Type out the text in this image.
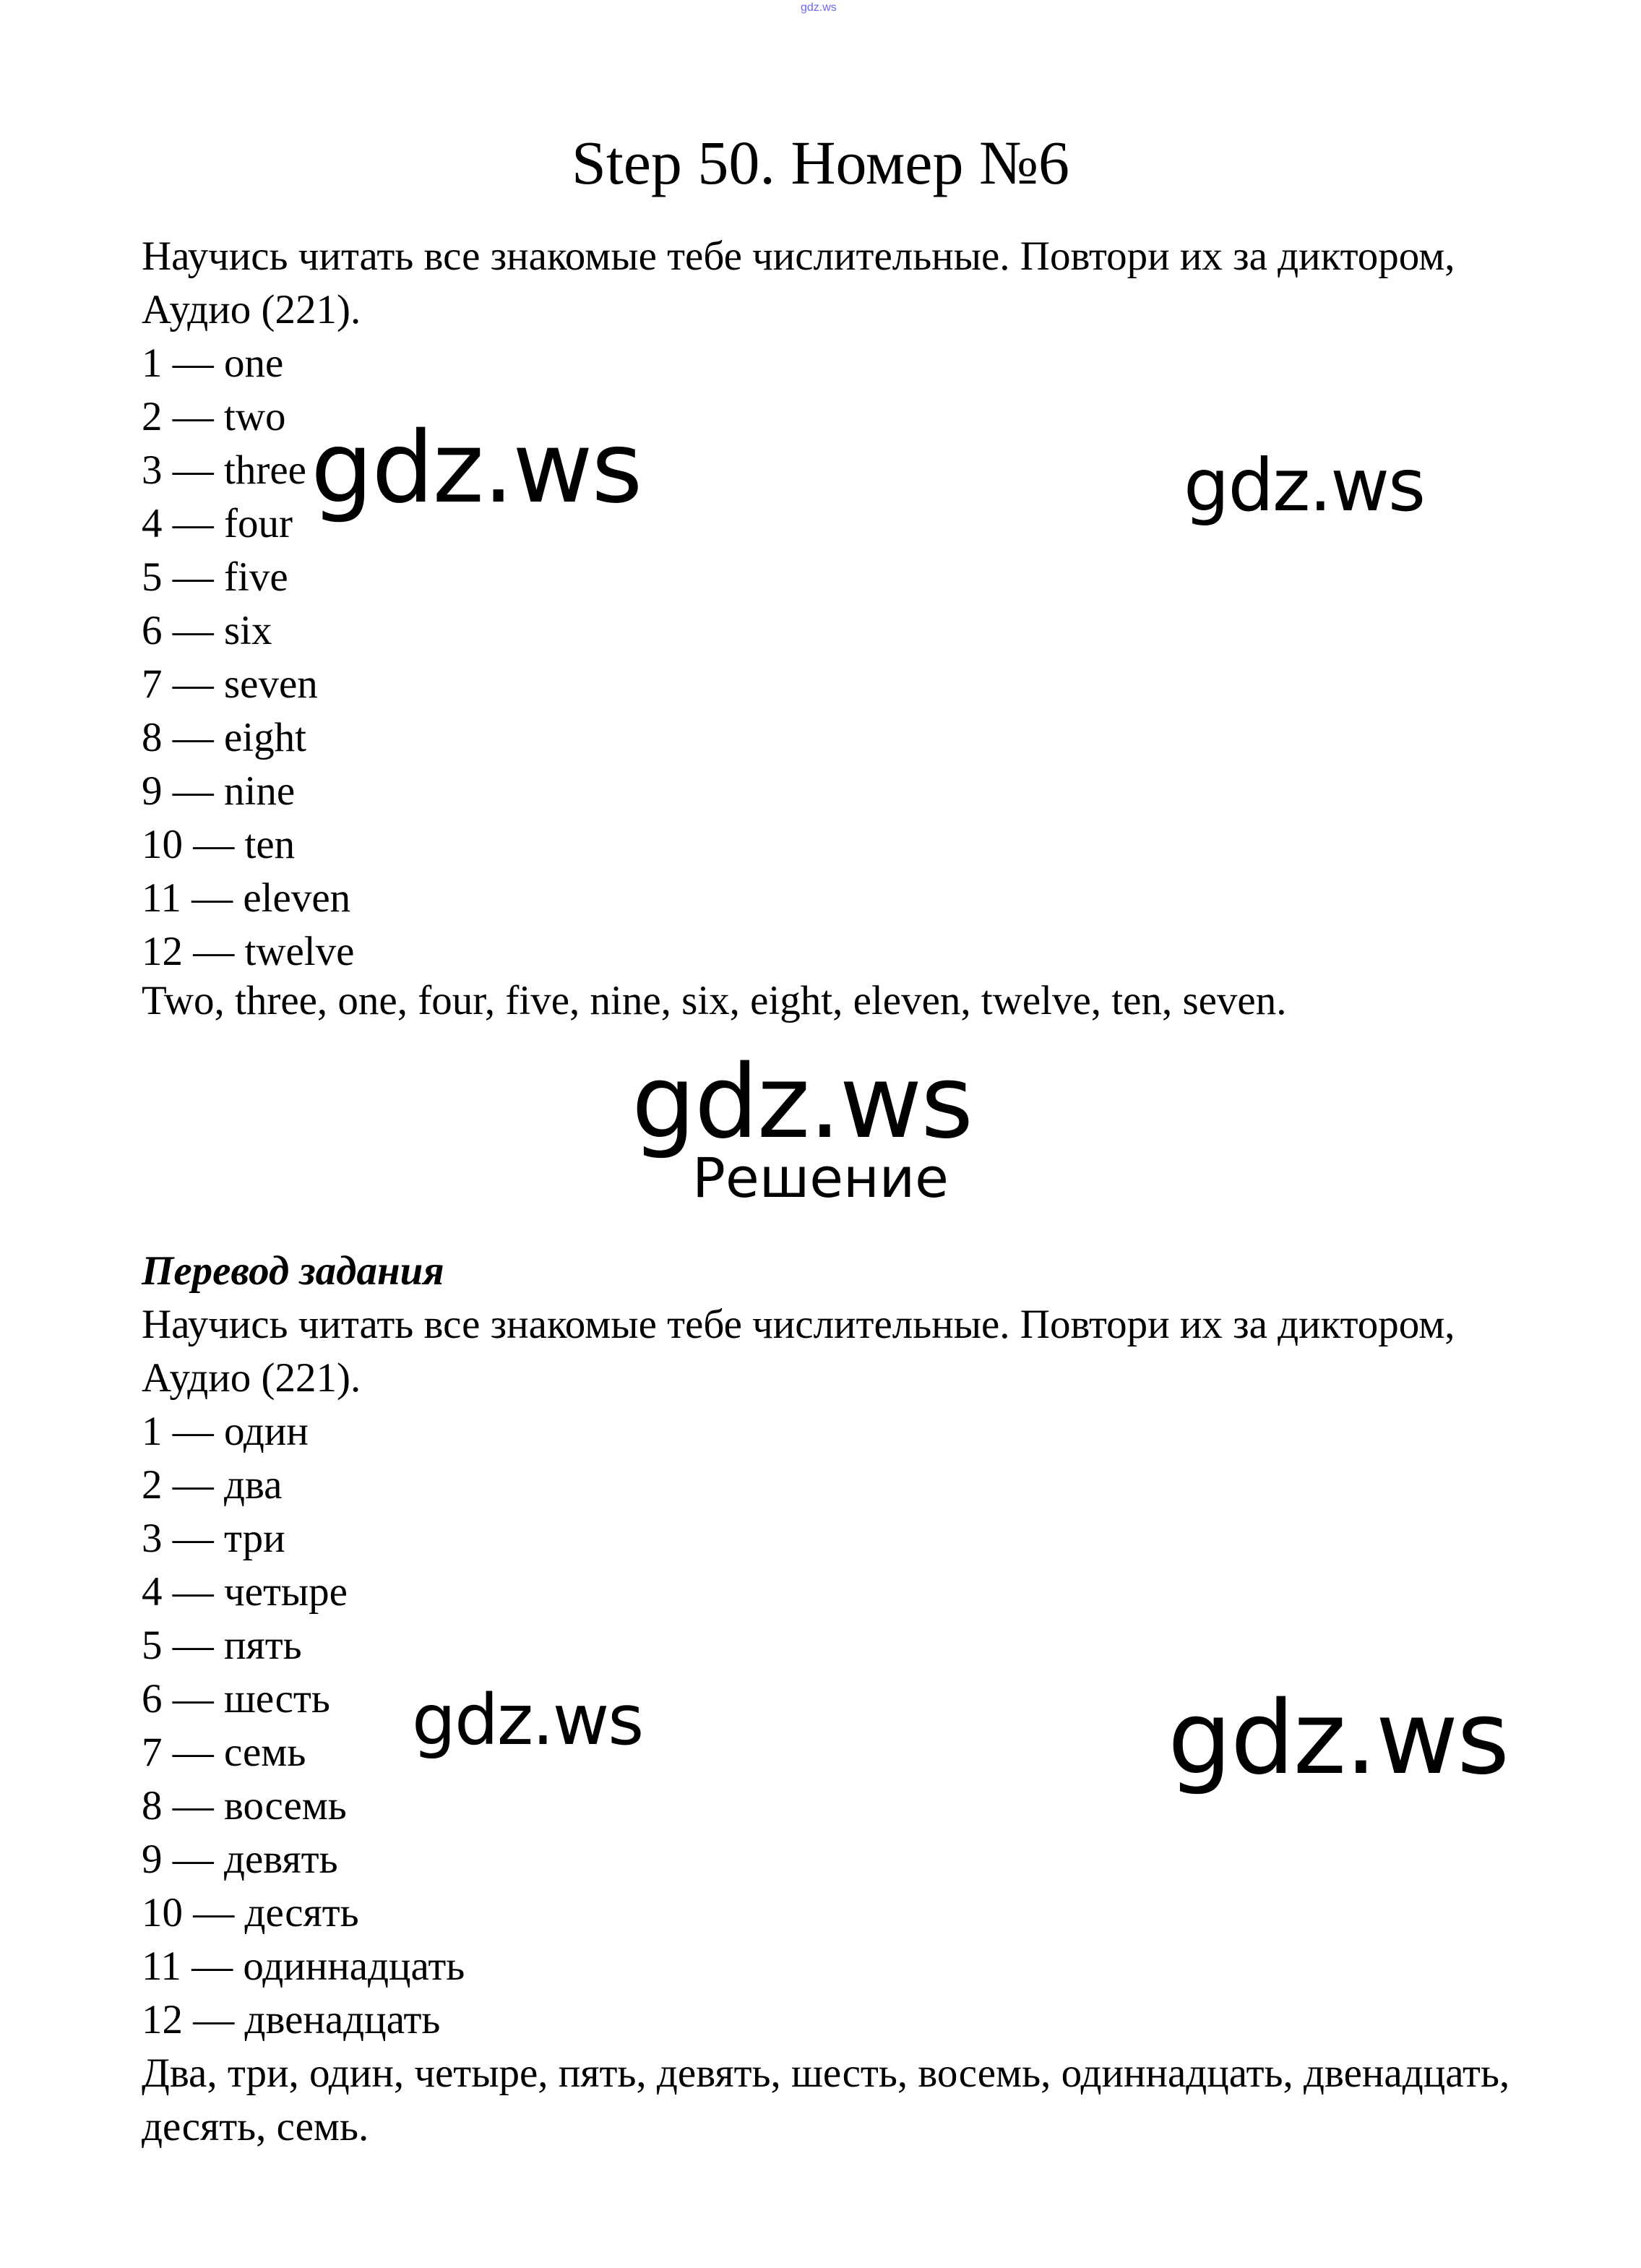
gdz.ws
Step 50. Номер №6
Научись читать все знакомые тебе числительные. Повтори их за диктором,
Аудио (221).
1 — one
2 — two
3 — three
4 — four
5 — five
6 — six
7 — seven
8 — eight
9 — nine
10 — ten
11 — eleven
12 — twelve
Two, three, one, four, five, nine, six, eight, eleven, twelve, ten, seven.
Решение
Перевод задания
Научись читать все знакомые тебе числительные. Повтори их за диктором,
Аудио (221).
1 — один
2 — два
3 — три
4 — четыре
5 — пять
6 — шесть
7 — семь
8 — восемь
9 — девять
10 — десять
11 — одиннадцать
12 — двенадцать
Два, три, один, четыре, пять, девять, шесть, восемь, одиннадцать, двенадцать,
десять, семь.
gdz.ws	gdz.ws
gdz.ws
gdz.ws	gdz.ws
